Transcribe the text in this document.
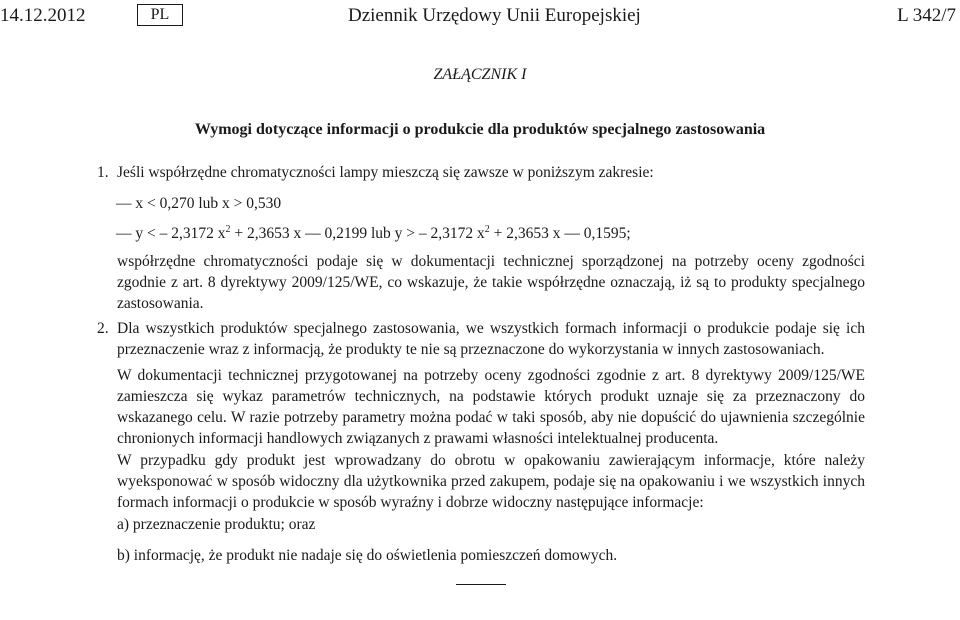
14.12.2012	PL	Dziennik Urzędowy Unii Europejskiej	L 342/7
ZAŁĄCZNIK I
Wymogi dotyczące informacji o produkcie dla produktów specjalnego zastosowania
1. Jeśli współrzędne chromatyczności lampy mieszczą się zawsze w poniższym zakresie:
— x < 0,270 lub x > 0,530
— y < – 2,3172 $x^2 + 2,3653$ x — 0,2199 lub y > – 2,3172 $x^2 + 2,3653$ x — 0,1595;
współrzędne chromatyczności podaje się w dokumentacji technicznej sporządzonej na potrzeby oceny zgodności zgodnie z art. 8 dyrektywy 2009/125/WE, co wskazuje, że takie współrzędne oznaczają, iż są to produkty specjalnego zastosowania.
2. Dla wszystkich produktów specjalnego zastosowania, we wszystkich formach informacji o produkcie podaje się ich przeznaczenie wraz z informacją, że produkty te nie są przeznaczone do wykorzystania w innych zastosowaniach.
W dokumentacji technicznej przygotowanej na potrzeby oceny zgodności zgodnie z art. 8 dyrektywy 2009/125/WE zamieszcza się wykaz parametrów technicznych, na podstawie których produkt uznaje się za przeznaczony do wskazanego celu. W razie potrzeby parametry można podać w taki sposób, aby nie dopuścić do ujawnienia szczególnie chronionych informacji handlowych związanych z prawami własności intelektualnej producenta.
W przypadku gdy produkt jest wprowadzany do obrotu w opakowaniu zawierającym informacje, które należy wyeksponować w sposób widoczny dla użytkownika przed zakupem, podaje się na opakowaniu i we wszystkich innych formach informacji o produkcie w sposób wyraźny i dobrze widoczny następujące informacje:
a) przeznaczenie produktu; oraz
b) informację, że produkt nie nadaje się do oświetlenia pomieszczeń domowych.
